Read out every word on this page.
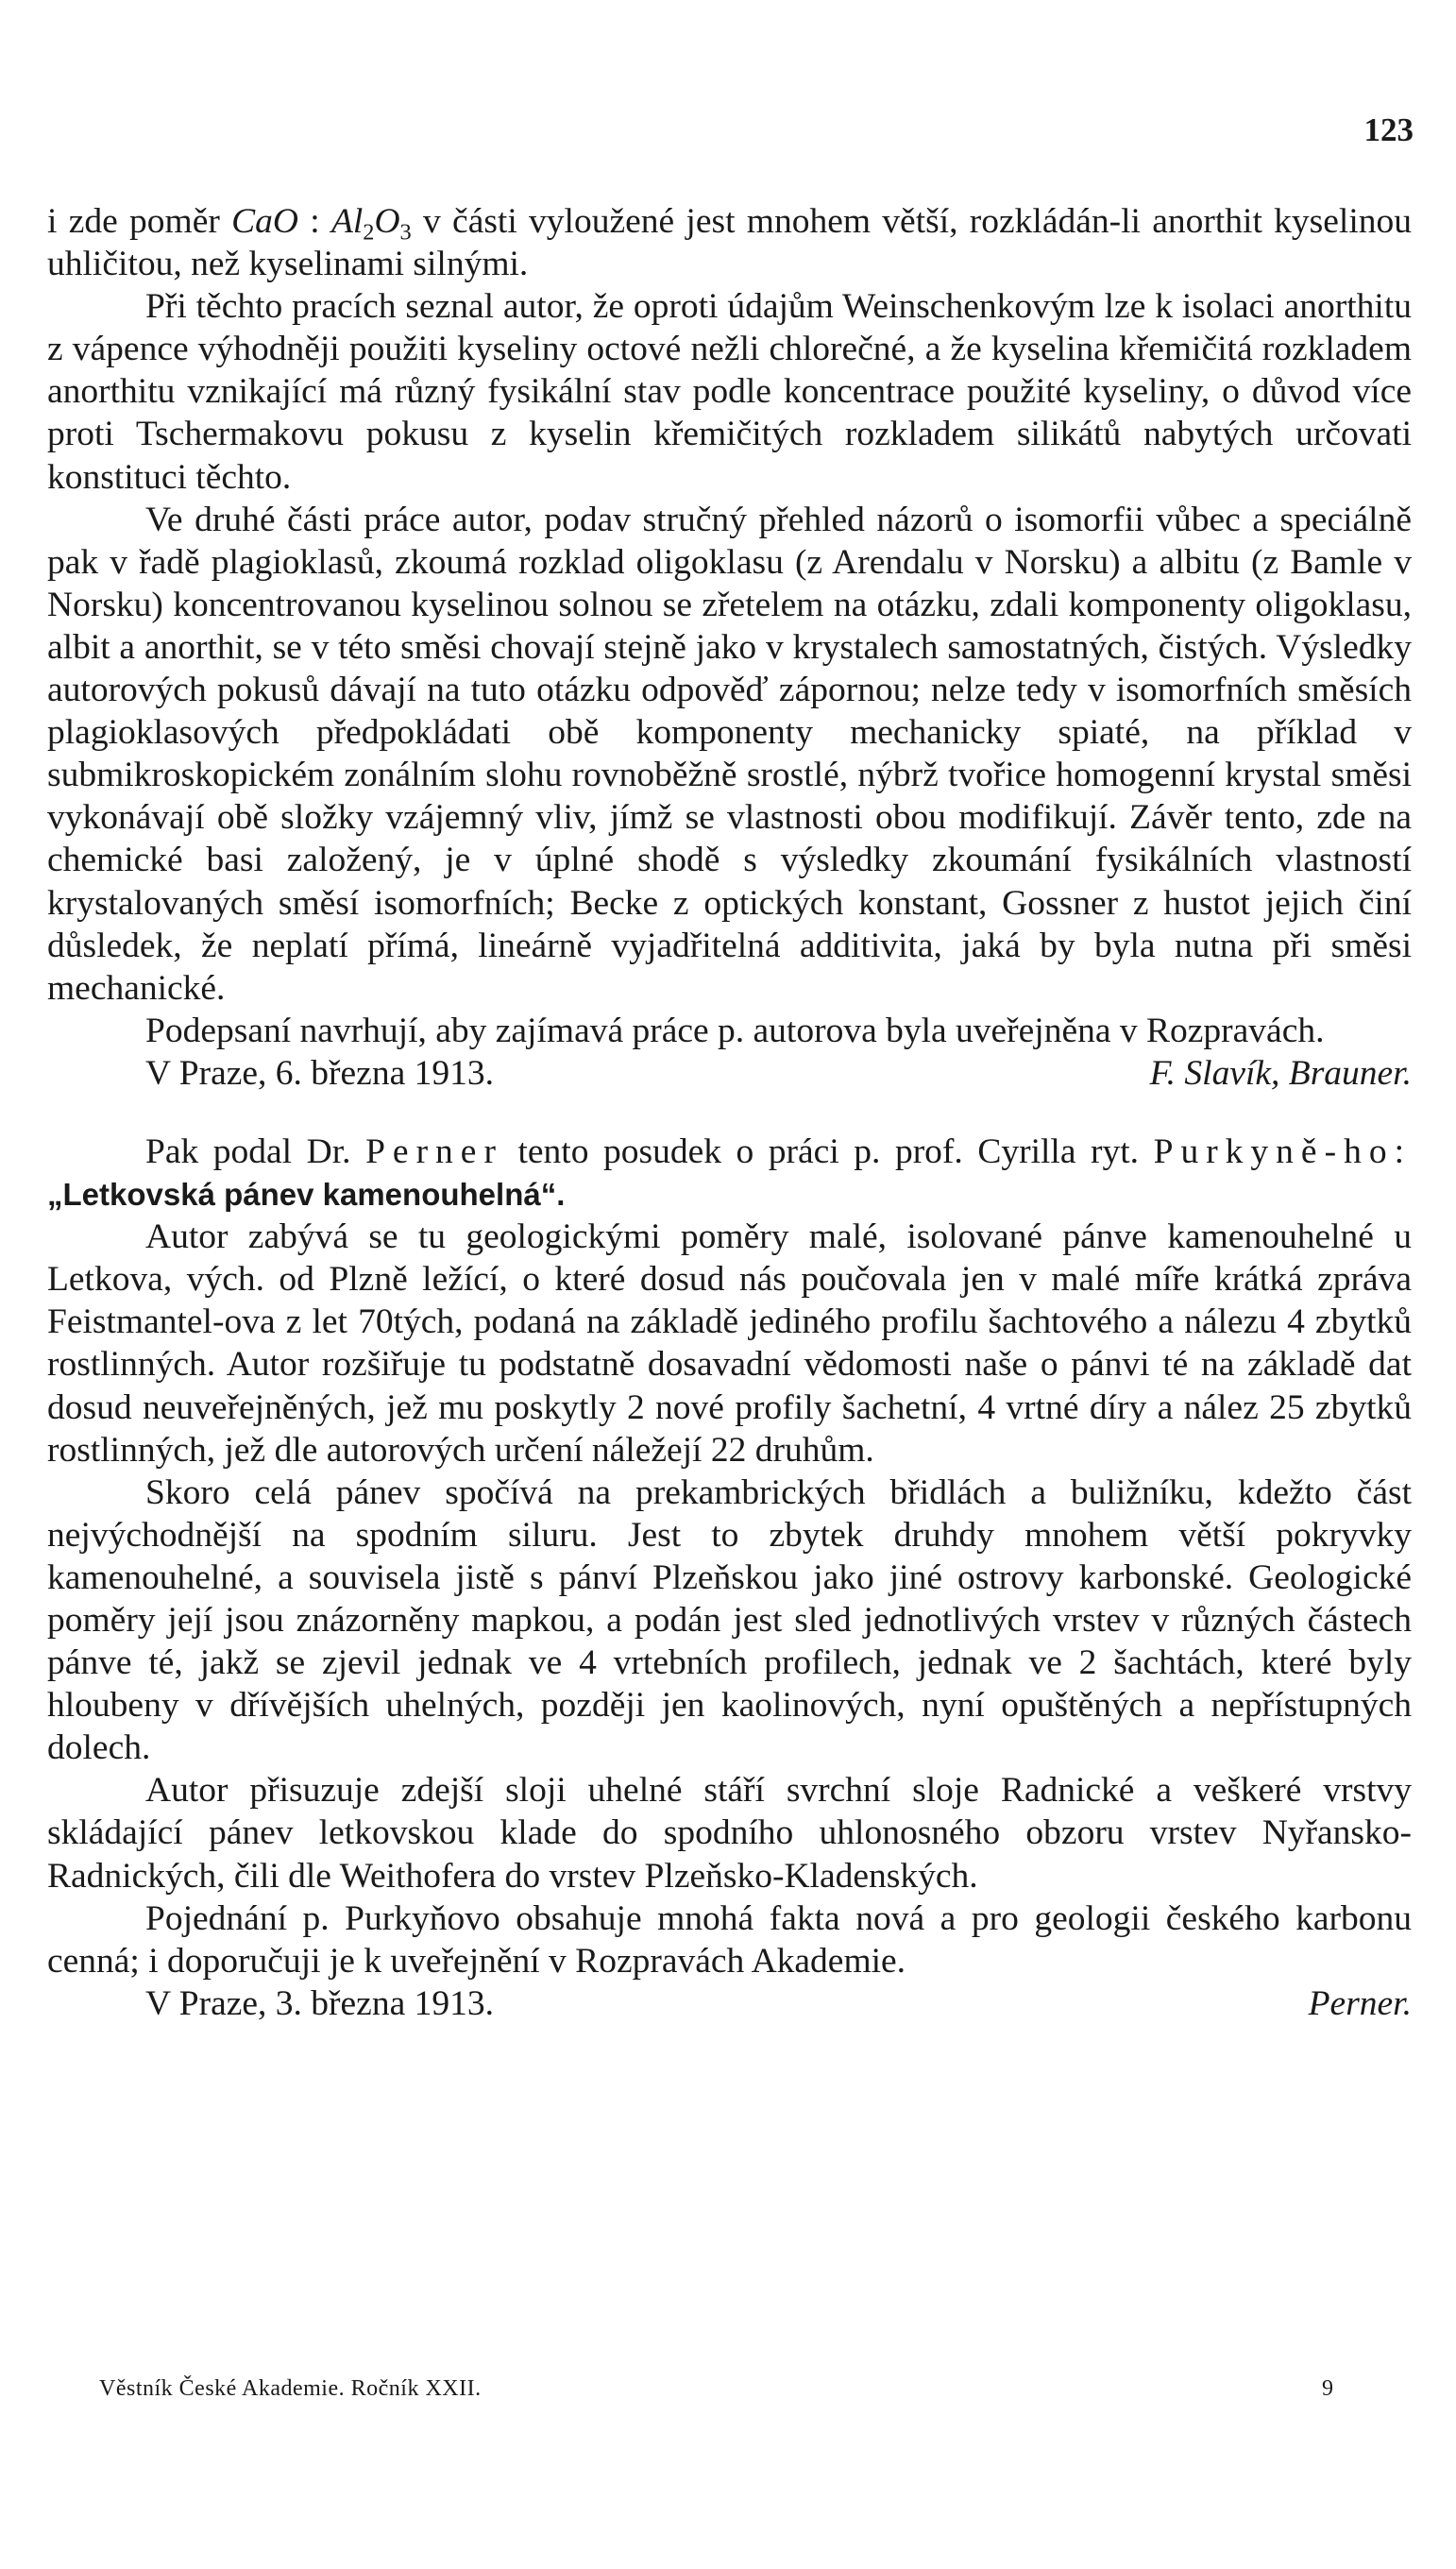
123

i zde poměr CaO : $Al_2O_3$ v části vyloužené jest mnohem větší, rozkládán-li anorthit kyselinou uhličitou, než kyselinami silnými.

Při těchto pracích seznal autor, že oproti údajům Weinschenkovým lze k isolaci anorthitu z vápence výhodněji použiti kyseliny octové nežli chlorečné, a že kyselina křemičitá rozkladem anorthitu vznikající má různý fysikální stav podle koncentrace použité kyseliny, o důvod více proti Tschermakovu pokusu z kyselin křemičitých rozkladem silikátů nabytých určovati konstituci těchto.

Ve druhé části práce autor, podav stručný přehled názorů o isomorfii vůbec a speciálně pak v řadě plagioklasů, zkoumá rozklad oligoklasu (z Arendalu v Norsku) a albitu (z Bamle v Norsku) koncentrovanou kyselinou solnou se zřetelem na otázku, zdali komponenty oligoklasu, albit a anorthit, se v této směsi chovají stejně jako v krystalech samostatných, čistých. Výsledky autorových pokusů dávají na tuto otázku odpověď zápornou; nelze tedy v isomorfních směsích plagioklasových předpokládati obě komponenty mechanicky spiaté, na příklad v submikroskopickém zonálním slohu rovnoběžně srostlé, nýbrž tvořice homogenní krystal směsi vykonávají obě složky vzájemný vliv, jímž se vlastnosti obou modifikují. Závěr tento, zde na chemické basi založený, je v úplné shodě s výsledky zkoumání fysikálních vlastností krystalovaných směsí isomorfních; Becke z optických konstant, Gossner z hustot jejich činí důsledek, že neplatí přímá, lineárně vyjadřitelná additivita, jaká by byla nutna při směsi mechanické.

Podepsaní navrhují, aby zajímavá práce p. autorova byla uveřejněna v Rozpravách.

V Praze, 6. března 1913.	F. Slavík, Brauner.

Pak podal Dr. Perner tento posudek o práci p. prof. Cyrilla ryt. Purkyně-ho: „Letkovská pánev kamenouhelná“.

Autor zabývá se tu geologickými poměry malé, isolované pánve kamenouhelné u Letkova, vých. od Plzně ležící, o které dosud nás poučovala jen v malé míře krátká zpráva Feistmantel-ova z let 70tých, podaná na základě jediného profilu šachtového a nálezu 4 zbytků rostlinných. Autor rozšiřuje tu podstatně dosavadní vědomosti naše o pánvi té na základě dat dosud neuveřejněných, jež mu poskytly 2 nové profily šachetní, 4 vrtné díry a nález 25 zbytků rostlinných, jež dle autorových určení náležejí 22 druhům.

Skoro celá pánev spočívá na prekambrických břidlách a buližníku, kdežto část nejvýchodnější na spodním siluru. Jest to zbytek druhdy mnohem větší pokryvky kamenouhelné, a souvisela jistě s pánví Plzeňskou jako jiné ostrovy karbonské. Geologické poměry její jsou znázorněny mapkou, a podán jest sled jednotlivých vrstev v různých částech pánve té, jakž se zjevil jednak ve 4 vrtebních profilech, jednak ve 2 šachtách, které byly hloubeny v dřívějších uhelných, později jen kaolinových, nyní opuštěných a nepřístupných dolech.

Autor přisuzuje zdejší sloji uhelné stáří svrchní sloje Radnické a veškeré vrstvy skládající pánev letkovskou klade do spodního uhlonosného obzoru vrstev Nyřansko-Radnických, čili dle Weithofera do vrstev Plzeňsko-Kladenských.

Pojednání p. Purkyňovo obsahuje mnohá fakta nová a pro geologii českého karbonu cenná; i doporučuji je k uveřejnění v Rozpravách Akademie.

V Praze, 3. března 1913.	Perner.
Věstník České Akademie. Ročník XXII.	9
